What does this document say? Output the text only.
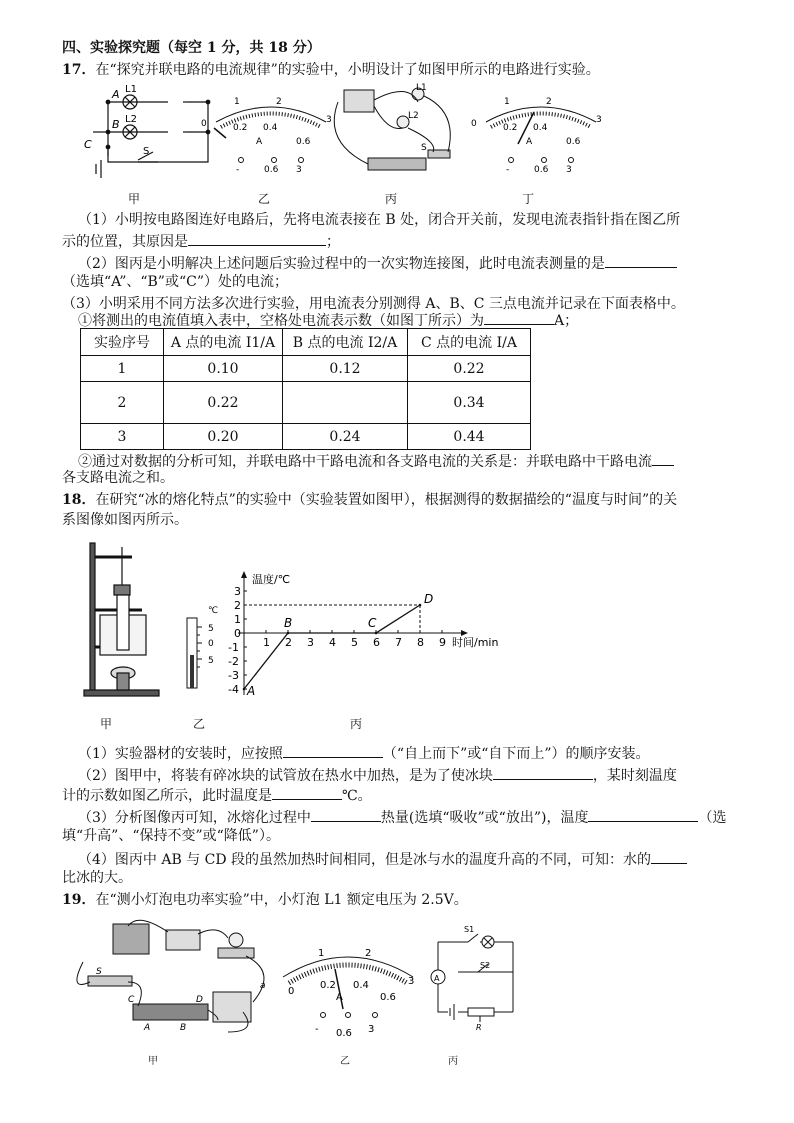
四、实验探究题（每空 1 分，共 18 分）
17．在“探究并联电路的电流规律”的实验中，小明设计了如图甲所示的电路进行实验。
A L1
B L2
C
S
0
1	2
3
0.2 0.4
0.6
A
-	0.6 3
L1
L2
S
0
1	2
3
0.2 0.4
0.6
A
-	0.6 3
甲	乙	丙	丁
（1）小明按电路图连好电路后，先将电流表接在 B 处，闭合开关前，发现电流表指针指在图乙所
示的位置，其原因是	；
（2）图丙是小明解决上述问题后实验过程中的一次实物连接图，此时电流表测量的是
（选填“A”、“B”或“C”）处的电流；
（3）小明采用不同方法多次进行实验，用电流表分别测得 A、B、C 三点电流并记录在下面表格中。
①将测出的电流值填入表中，空格处电流表示数（如图丁所示）为	A；
实验序号	A 点的电流 I1/A	B 点的电流 I2/A	C 点的电流 I/A
1	0.10	0.12	0.22
2	0.22		0.34
3	0.20	0.24	0.44
②通过对数据的分析可知，并联电路中干路电流和各支路电流的关系是：并联电路中干路电流
各支路电流之和。
18．在研究“冰的熔化特点”的实验中（实验装置如图甲），根据测得的数据描绘的“温度与时间”的关
系图像如图丙所示。
℃
5
0
5
温度/℃
时间/min
1 2 3 4 5 6 7 8 9
3
2
1
0
-1
-2
-3
-4 A
B	C
D
甲	乙	丙
（1）实验器材的安装时，应按照	（“自上而下”或“自下而上”）的顺序安装。
（2）图甲中，将装有碎冰块的试管放在热水中加热，是为了使冰块	，某时刻温度
计的示数如图乙所示，此时温度是	℃。
（3）分析图像丙可知，冰熔化过程中	热量(选填“吸收”或“放出”)，温度	（选
填“升高”、“保持不变”或“降低”）。
（4）图丙中 AB 与 CD 段的虽然加热时间相同，但是冰与水的温度升高的不同，可知：水的
比冰的大。
19．在“测小灯泡电功率实验”中，小灯泡 L1 额定电压为 2.5V。
S
C	D
A	B
a 0
1	2
3
0.2 0.4
0.6
A
- 0.6 3
S1
S2
A
R
甲	乙	丙
